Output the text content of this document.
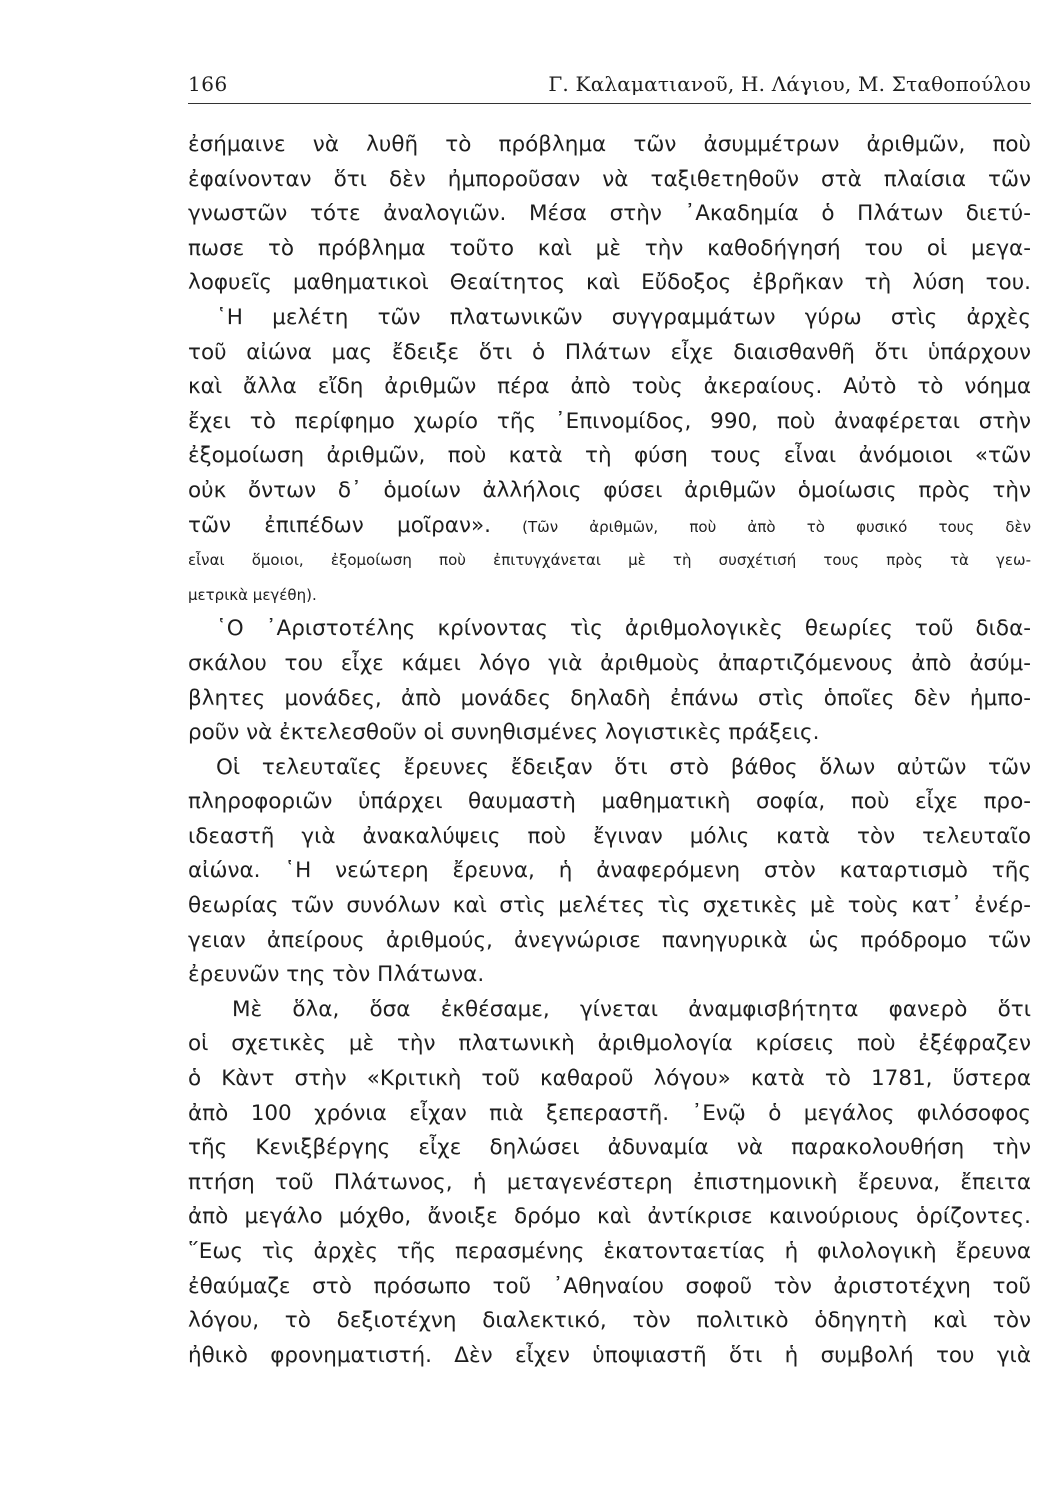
166	Γ. Καλαματιανοῦ, Η. Λάγιου, Μ. Σταθοπούλου
ἐσήμαινε νὰ λυθῆ τὸ πρόβλημα τῶν ἀσυμμέτρων ἀριθμῶν, ποὺ
ἐφαίνονταν ὅτι δὲν ἠμποροῦσαν νὰ ταξιθετηθοῦν στὰ πλαίσια τῶν
γνωστῶν τότε ἀναλογιῶν. Μέσα στὴν ᾿Ακαδημία ὁ Πλάτων διετύ-
πωσε τὸ πρόβλημα τοῦτο καὶ μὲ τὴν καθοδήγησή του οἱ μεγα-
λοφυεῖς μαθηματικοὶ Θεαίτητος καὶ Εὔδοξος ἐβρῆκαν τὴ λύση του.
῾Η μελέτη τῶν πλατωνικῶν συγγραμμάτων γύρω στὶς ἀρχὲς
τοῦ αἰώνα μας ἔδειξε ὅτι ὁ Πλάτων εἶχε διαισθανθῆ ὅτι ὑπάρχουν
καὶ ἄλλα εἴδη ἀριθμῶν πέρα ἀπὸ τοὺς ἀκεραίους. Αὐτὸ τὸ νόημα
ἔχει τὸ περίφημο χωρίο τῆς ᾿Επινομίδος, 990, ποὺ ἀναφέρεται στὴν
ἐξομοίωση ἀριθμῶν, ποὺ κατὰ τὴ φύση τους εἶναι ἀνόμοιοι «τῶν
οὐκ ὄντων δ᾿ ὁμοίων ἀλλήλοις φύσει ἀριθμῶν ὁμοίωσις πρὸς τὴν
τῶν ἐπιπέδων μοῖραν». (Τῶν ἀριθμῶν, ποὺ ἀπὸ τὸ φυσικό τους δὲν
εἶναι ὅμοιοι, ἐξομοίωση ποὺ ἐπιτυγχάνεται μὲ τὴ συσχέτισή τους πρὸς τὰ γεω-
μετρικὰ μεγέθη).
῾Ο ᾿Αριστοτέλης κρίνοντας τὶς ἀριθμολογικὲς θεωρίες τοῦ διδα-
σκάλου του εἶχε κάμει λόγο γιὰ ἀριθμοὺς ἀπαρτιζόμενους ἀπὸ ἀσύμ-
βλητες μονάδες, ἀπὸ μονάδες δηλαδὴ ἐπάνω στὶς ὁποῖες δὲν ἠμπο-
ροῦν νὰ ἐκτελεσθοῦν οἱ συνηθισμένες λογιστικὲς πράξεις.
Οἱ τελευταῖες ἔρευνες ἔδειξαν ὅτι στὸ βάθος ὅλων αὐτῶν τῶν
πληροφοριῶν ὑπάρχει θαυμαστὴ μαθηματικὴ σοφία, ποὺ εἶχε προ-
ιδεαστῆ γιὰ ἀνακαλύψεις ποὺ ἔγιναν μόλις κατὰ τὸν τελευταῖο
αἰώνα. ῾Η νεώτερη ἔρευνα, ἡ ἀναφερόμενη στὸν καταρτισμὸ τῆς
θεωρίας τῶν συνόλων καὶ στὶς μελέτες τὶς σχετικὲς μὲ τοὺς κατ᾿ ἐνέρ-
γειαν ἀπείρους ἀριθμούς, ἀνεγνώρισε πανηγυρικὰ ὡς πρόδρομο τῶν
ἐρευνῶν της τὸν Πλάτωνα.
Μὲ ὅλα, ὅσα ἐκθέσαμε, γίνεται ἀναμφισβήτητα φανερὸ ὅτι
οἱ σχετικὲς μὲ τὴν πλατωνικὴ ἀριθμολογία κρίσεις ποὺ ἐξέφραζεν
ὁ Κὰντ στὴν «Κριτικὴ τοῦ καθαροῦ λόγου» κατὰ τὸ 1781, ὕστερα
ἀπὸ 100 χρόνια εἶχαν πιὰ ξεπεραστῆ. ᾿Ενῷ ὁ μεγάλος φιλόσοφος
τῆς Κενιξβέργης εἶχε δηλώσει ἀδυναμία νὰ παρακολουθήση τὴν
πτήση τοῦ Πλάτωνος, ἡ μεταγενέστερη ἐπιστημονικὴ ἔρευνα, ἔπειτα
ἀπὸ μεγάλο μόχθο, ἄνοιξε δρόμο καὶ ἀντίκρισε καινούριους ὁρίζοντες.
῞Εως τὶς ἀρχὲς τῆς περασμένης ἑκατονταετίας ἡ φιλολογικὴ ἔρευνα
ἐθαύμαζε στὸ πρόσωπο τοῦ ᾿Αθηναίου σοφοῦ τὸν ἀριστοτέχνη τοῦ
λόγου, τὸ δεξιοτέχνη διαλεκτικό, τὸν πολιτικὸ ὁδηγητὴ καὶ τὸν
ἠθικὸ φρονηματιστή. Δὲν εἶχεν ὑποψιαστῆ ὅτι ἡ συμβολή του γιὰ
